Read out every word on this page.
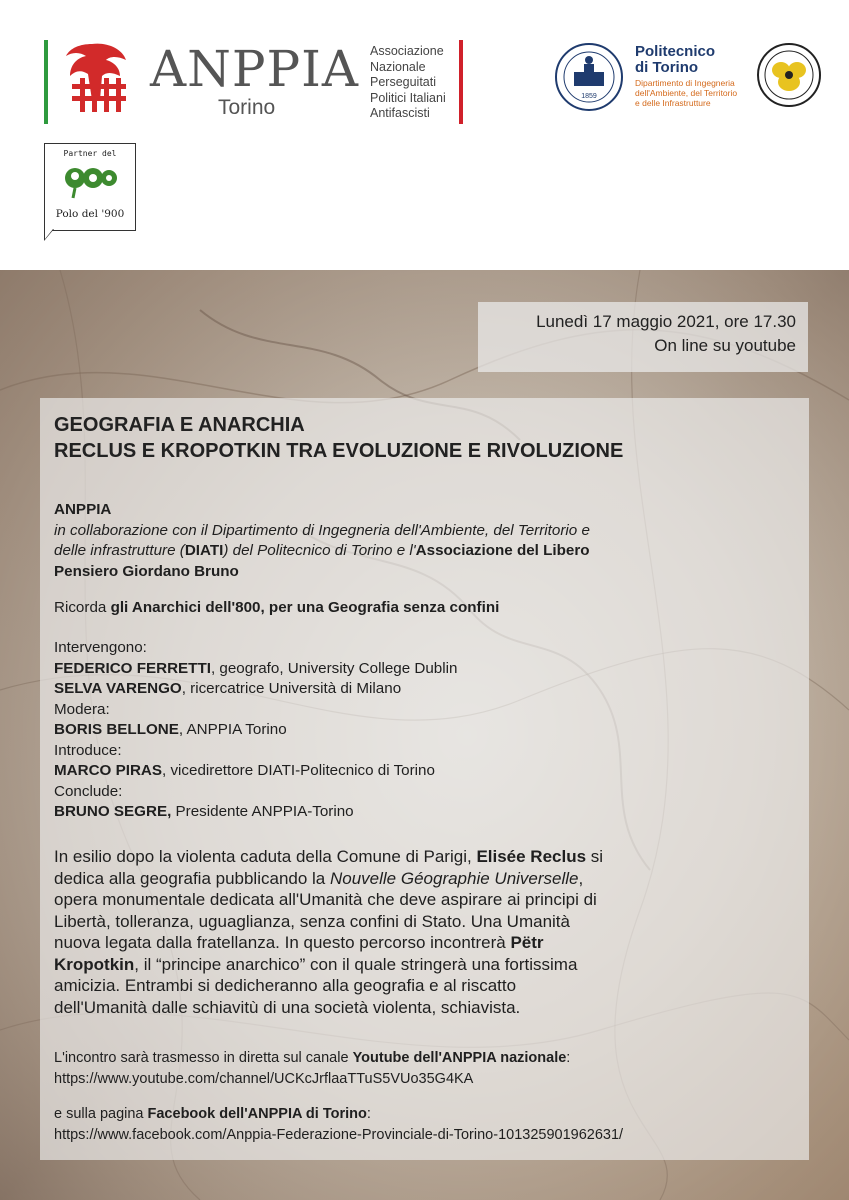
ANPPIA
Torino
Associazione
Nazionale
Perseguitati
Politici Italiani
Antifascisti
1859
Politecnico
di Torino
Dipartimento di Ingegneria
dell'Ambiente, del Territorio
e delle Infrastrutture
Partner del
Polo del '900
Lunedì 17 maggio 2021, ore 17.30
On line su youtube
GEOGRAFIA E ANARCHIA
RECLUS E KROPOTKIN TRA EVOLUZIONE E RIVOLUZIONE
ANPPIA
in collaborazione con il Dipartimento di Ingegneria dell'Ambiente, del Territorio e
delle infrastrutture (DIATI) del Politecnico di Torino e l'Associazione del Libero
Pensiero Giordano Bruno
Ricorda gli Anarchici dell'800, per una Geografia senza confini
Intervengono:
FEDERICO FERRETTI, geografo, University College Dublin
SELVA VARENGO, ricercatrice Università di Milano
Modera:
BORIS BELLONE, ANPPIA Torino
Introduce:
MARCO PIRAS, vicedirettore DIATI-Politecnico di Torino
Conclude:
BRUNO SEGRE, Presidente ANPPIA-Torino
In esilio dopo la violenta caduta della Comune di Parigi, Elisée Reclus si
dedica alla geografia pubblicando la Nouvelle Géographie Universelle,
opera monumentale dedicata all'Umanità che deve aspirare ai principi di
Libertà, tolleranza, uguaglianza, senza confini di Stato. Una Umanità
nuova legata dalla fratellanza. In questo percorso incontrerà Pëtr
Kropotkin, il “principe anarchico” con il quale stringerà una fortissima
amicizia. Entrambi si dedicheranno alla geografia e al riscatto
dell'Umanità dalle schiavitù di una società violenta, schiavista.
L'incontro sarà trasmesso in diretta sul canale Youtube dell'ANPPIA nazionale:
https://www.youtube.com/channel/UCKcJrflaaTTuS5VUo35G4KA
e sulla pagina Facebook dell'ANPPIA di Torino:
https://www.facebook.com/Anppia-Federazione-Provinciale-di-Torino-101325901962631/
